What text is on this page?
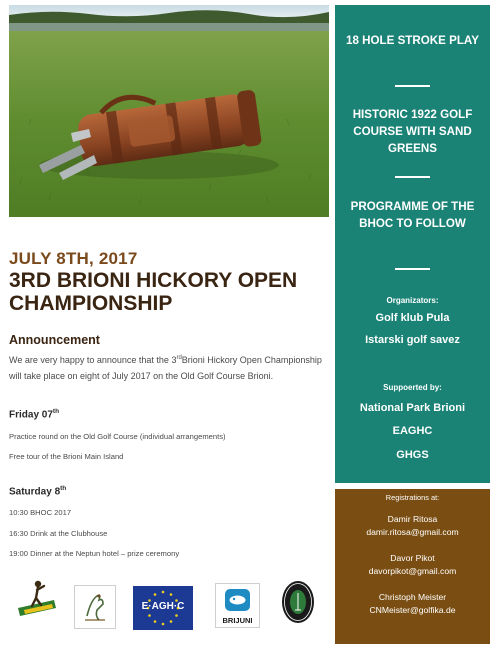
JULY 8TH, 2017
3RD BRIONI HICKORY OPEN CHAMPIONSHIP
Announcement
We are very happy to announce that the 3rdBrioni Hickory Open Championship will take place on eight of July 2017 on the Old Golf Course Brioni.
Friday 07th
Practice round on the Old Golf Course (individual arrangements)
Free tour of the Brioni Main Island
Saturday 8th
10:30 BHOC 2017
16:30 Drink at the Clubhouse
19:00 Dinner at the Neptun hotel – prize ceremony
E·AGH·C
BRIJUNI
18 HOLE STROKE PLAY
HISTORIC 1922 GOLF COURSE WITH SAND GREENS
PROGRAMME OF THE BHOC TO FOLLOW
Organizators:
Golf klub Pula
Istarski golf savez
Suppoerted by:
National Park Brioni
EAGHC
GHGS
Registrations at:
Damir Ritosa
damir.ritosa@gmail.com
Davor Pikot
davorpikot@gmail.com
Christoph Meister
CNMeister@golfika.de
